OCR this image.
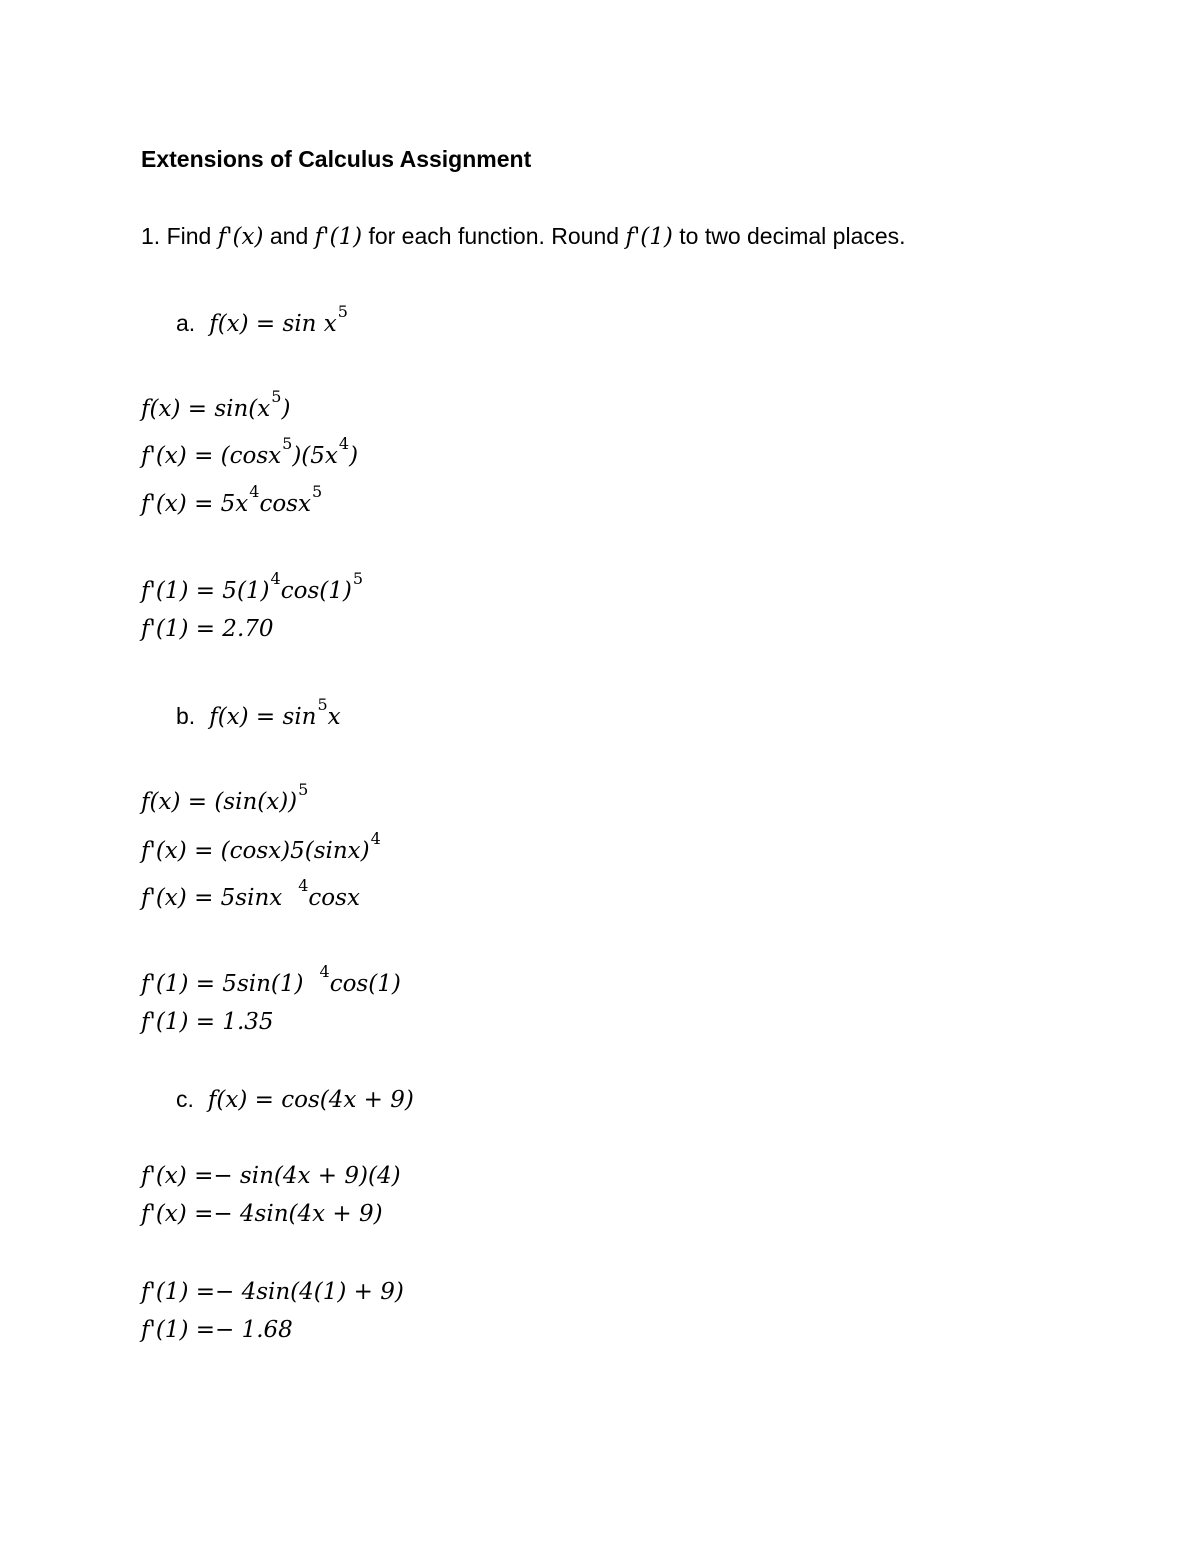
Extensions of Calculus Assignment
1. Find f'(x) and f'(1) for each function. Round f'(1) to two decimal places.
a. f(x) = sin x5
$f(x) = \sin(x^5)$
$f'(x) = (\cos x^5)(5x^4)$
$f'(x) = 5x^4\cos x^5$
$f'(1) = 5(1)^4\cos(1)^5$
f'(1) = 2.70
b. f(x) = sin5x
$f(x) = (\sin(x))^5$
$f'(x) = (\cos x)5(\sin x)^4$
f'(x) = 5sinx $^4$cosx
f'(1) = 5sin(1) $^4$cos(1)
f'(1) = 1.35
c. f(x) = cos(4x + 9)
f'(x) =− sin(4x + 9)(4)
f'(x) =− 4sin(4x + 9)
f'(1) =− 4sin(4(1) + 9)
f'(1) =− 1.68
